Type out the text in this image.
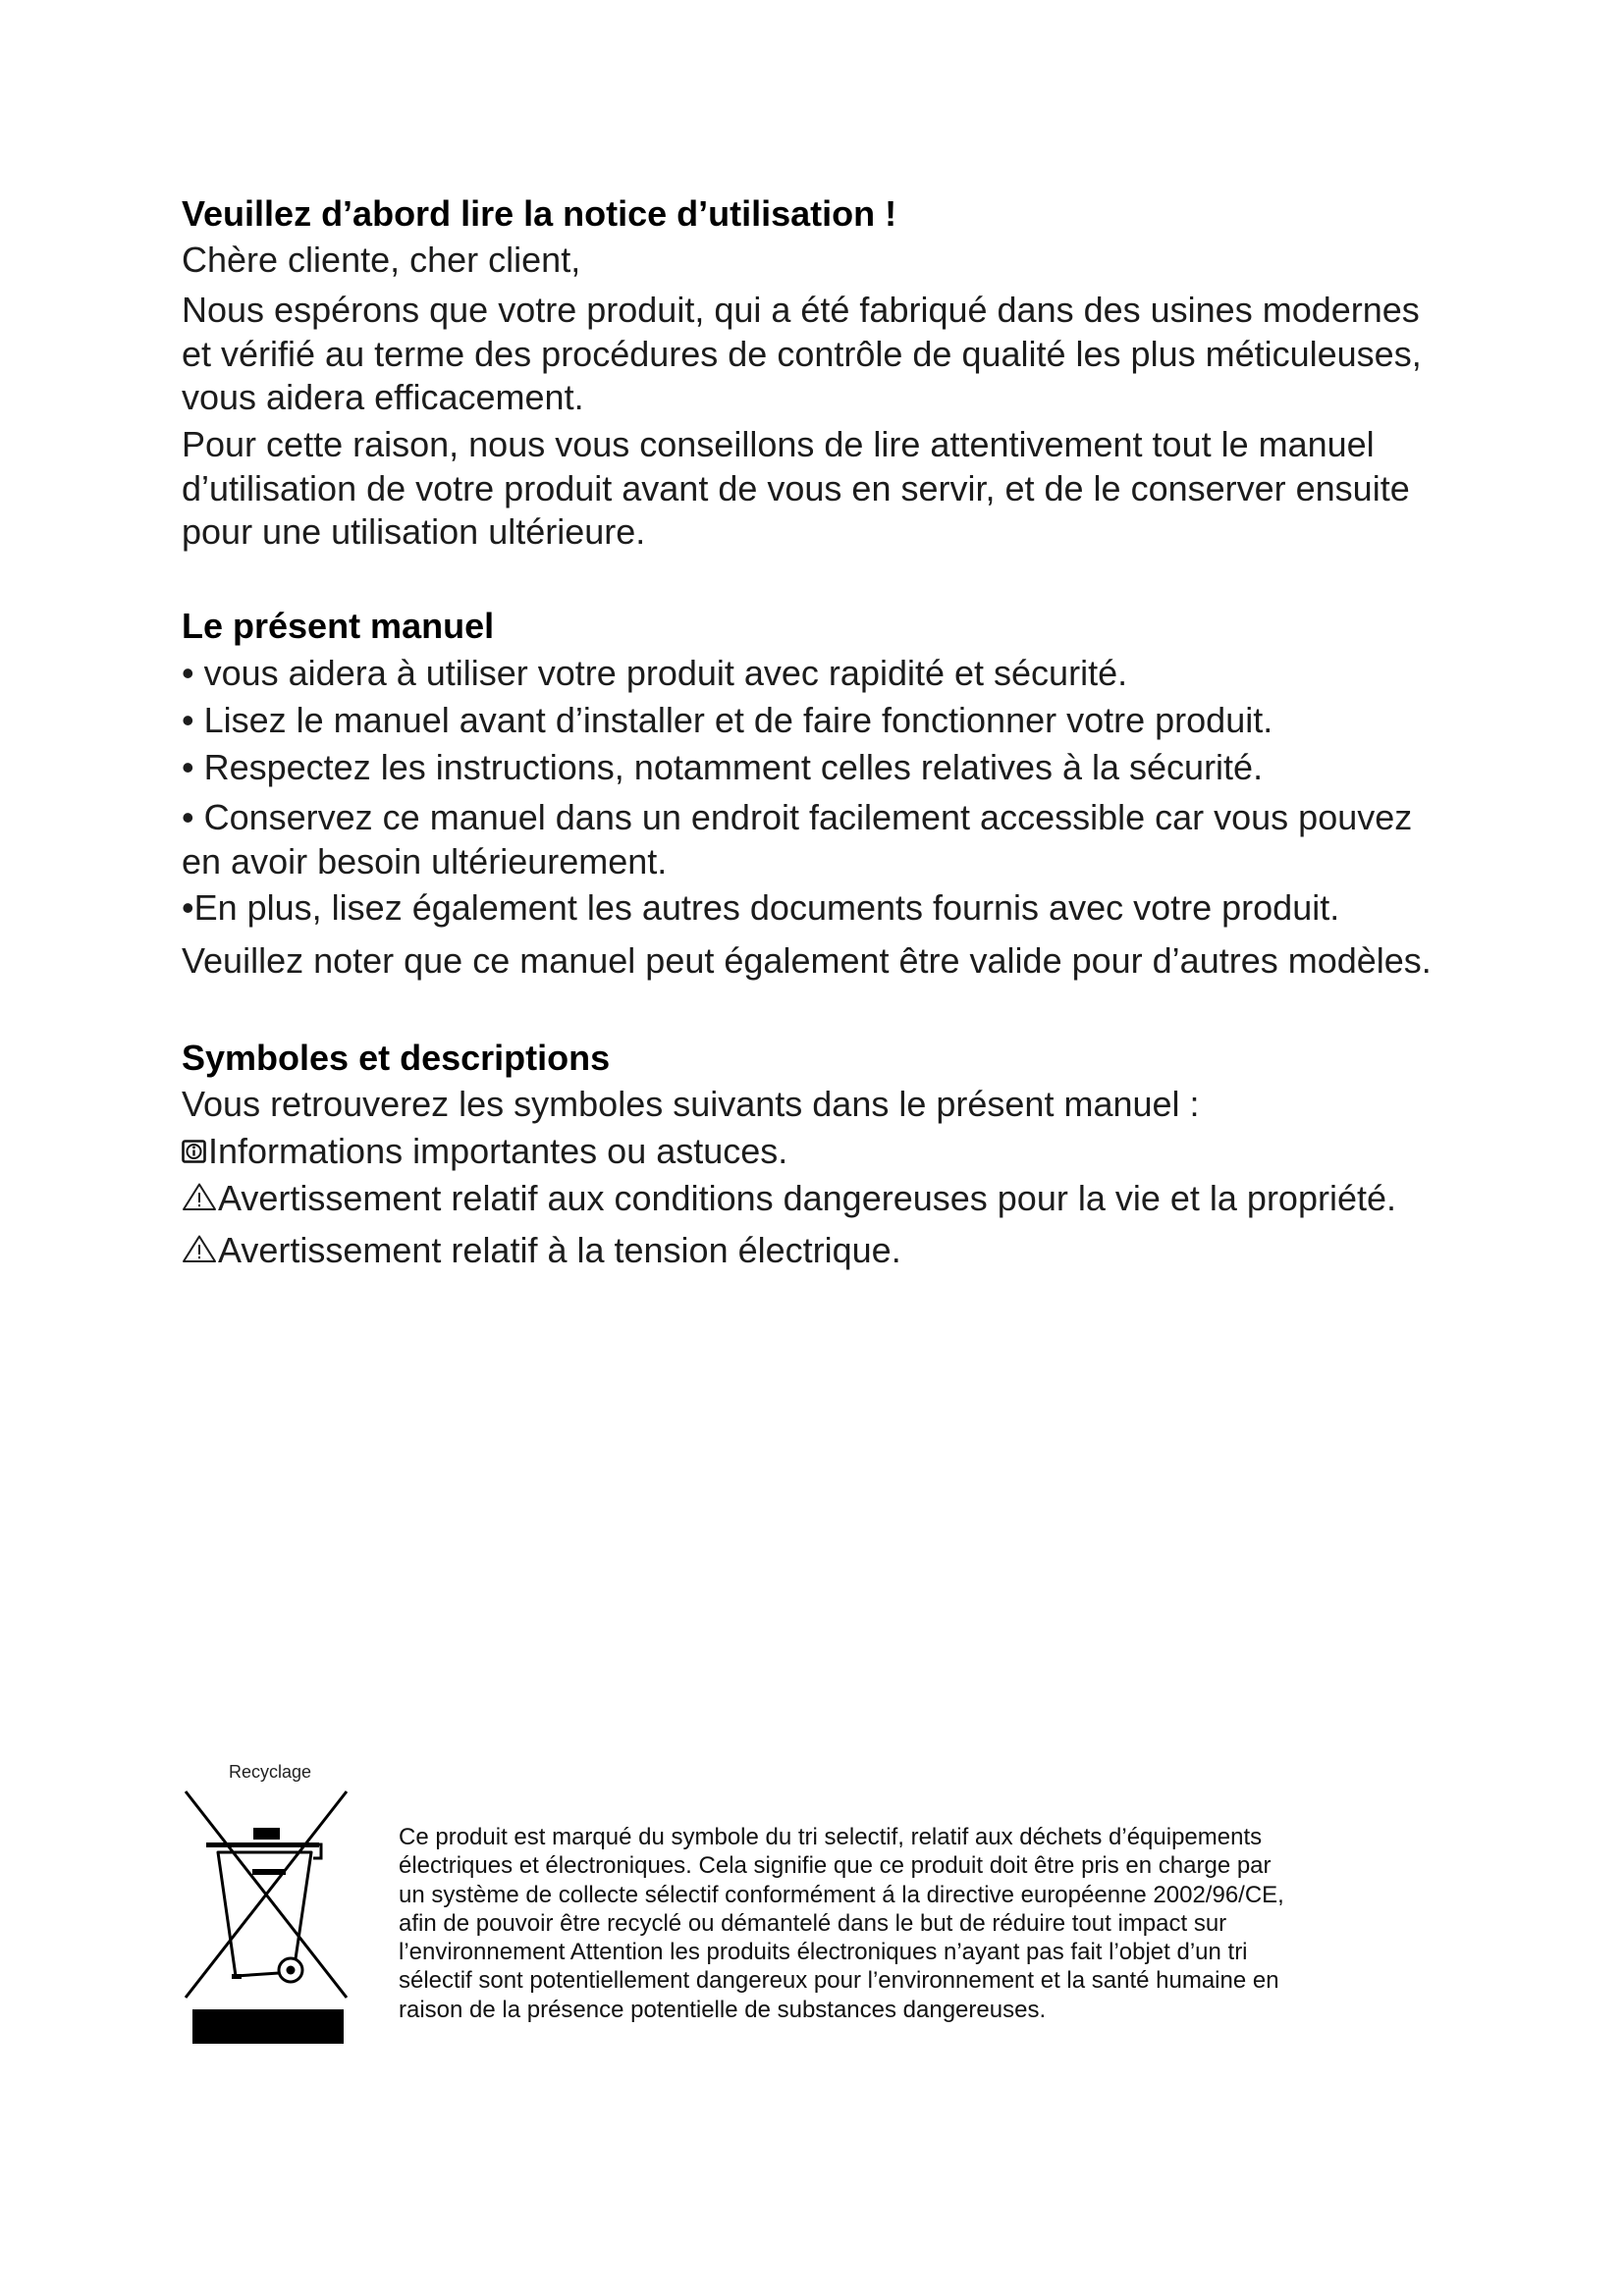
Veuillez d’abord lire la notice d’utilisation !
Chère cliente, cher client,
Nous espérons que votre produit, qui a été fabriqué dans des usines modernes
et vérifié au terme des procédures de contrôle de qualité les plus méticuleuses,
vous aidera efficacement.
Pour cette raison, nous vous conseillons de lire attentivement tout le manuel
d’utilisation de votre produit avant de vous en servir, et de le conserver ensuite
pour une utilisation ultérieure.
Le présent manuel
• vous aidera à utiliser votre produit avec rapidité et sécurité.
• Lisez le manuel avant d’installer et de faire fonctionner votre produit.
• Respectez les instructions, notamment celles relatives à la sécurité.
• Conservez ce manuel dans un endroit facilement accessible car vous pouvez
en avoir besoin ultérieurement.
•En plus, lisez également les autres documents fournis avec votre produit.
Veuillez noter que ce manuel peut également être valide pour d’autres modèles.
Symboles et descriptions
Vous retrouverez les symboles suivants dans le présent manuel :
Informations importantes ou astuces.
Avertissement relatif aux conditions dangereuses pour la vie et la propriété.
Avertissement relatif à la tension électrique.
Recyclage
Ce produit est marqué du symbole du tri selectif, relatif aux déchets d’équipements
électriques et électroniques. Cela signifie que ce produit doit être pris en charge par
un système de collecte sélectif conformément á la directive européenne 2002/96/CE,
afin de pouvoir être recyclé ou démantelé dans le but de réduire tout impact sur
l’environnement Attention les produits électroniques n’ayant pas fait l’objet d’un tri
sélectif sont potentiellement dangereux pour l’environnement et la santé humaine en
raison de la présence potentielle de substances dangereuses.
